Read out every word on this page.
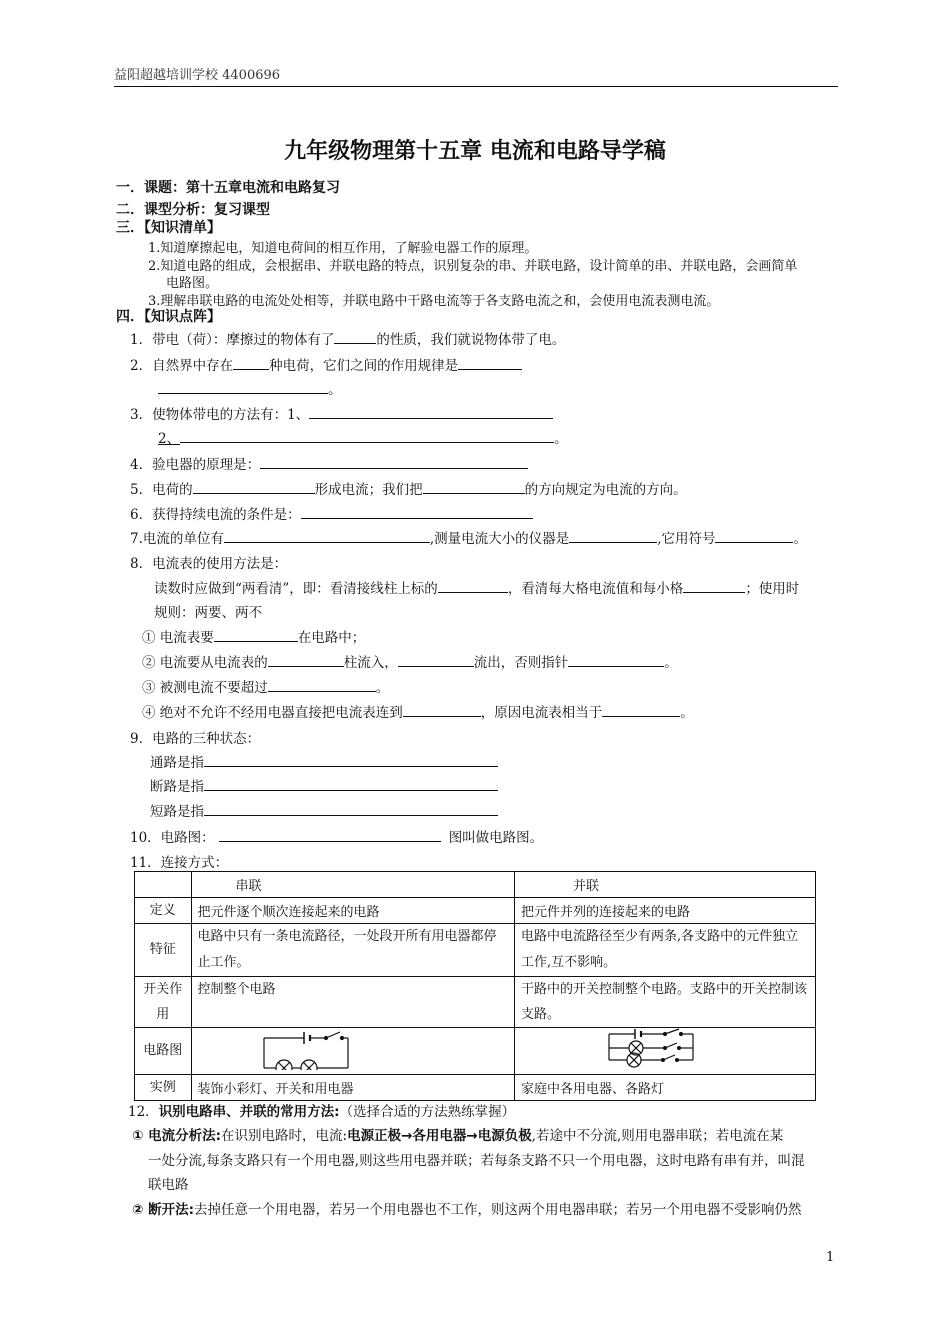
益阳超越培训学校 4400696
九年级物理第十五章 电流和电路导学稿
一．课题：第十五章电流和电路复习
二．课型分析：复习课型
三．【知识清单】
1.知道摩擦起电，知道电荷间的相互作用，了解验电器工作的原理。
2.知道电路的组成，会根据串、并联电路的特点，识别复杂的串、并联电路，设计简单的串、并联电路，会画简单
电路图。
3.理解串联电路的电流处处相等，并联电路中干路电流等于各支路电流之和，会使用电流表测电流。
四．【知识点阵】
1．带电（荷）：摩擦过的物体有了	的性质，我们就说物体带了电。
2．自然界中存在	种电荷，它们之间的作用规律是
。
3．使物体带电的方法有：1、
2、	。
4．验电器的原理是：
5．电荷的	形成电流；我们把	的方向规定为电流的方向。
6．获得持续电流的条件是：
7.电流的单位有	,测量电流大小的仪器是	,它用符号	。
8．电流表的使用方法是：
读数时应做到“两看清”，即：看清接线柱上标的	，看清每大格电流值和每小格	；使用时
规则：两要、两不
① 电流表要	在电路中；
② 电流要从电流表的	柱流入，	流出，否则指针	。
③ 被测电流不要超过	。
④ 绝对不允许不经用电器直接把电流表连到	，原因电流表相当于	。
9．电路的三种状态：
通路是指
断路是指
短路是指
10．电路图：	图叫做电路图。
11．连接方式：
	串联	并联
定义	把元件逐个顺次连接起来的电路	把元件并列的连接起来的电路
特征	电路中只有一条电流路径，一处段开所有用电器都停止工作。	电路中电流路径至少有两条,各支路中的元件独立工作,互不影响。
开关作用	控制整个电路	干路中的开关控制整个电路。支路中的开关控制该支路。
电路图		
实例	装饰小彩灯、开关和用电器	家庭中各用电器、各路灯
12．识别电路串、并联的常用方法:（选择合适的方法熟练掌握）
① 电流分析法:在识别电路时，电流:电源正极→各用电器→电源负极,若途中不分流,则用电器串联；若电流在某
一处分流,每条支路只有一个用电器,则这些用电器并联；若每条支路不只一个用电器，这时电路有串有并，叫混
联电路
② 断开法:去掉任意一个用电器，若另一个用电器也不工作，则这两个用电器串联；若另一个用电器不受影响仍然
1
